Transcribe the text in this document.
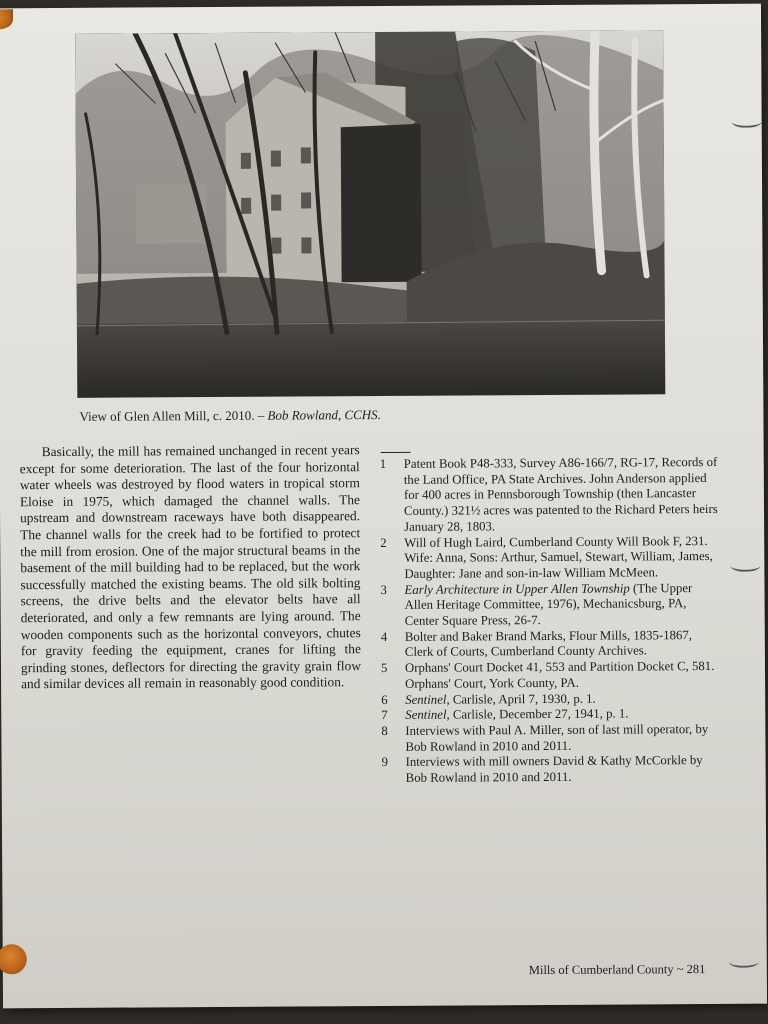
View of Glen Allen Mill, c. 2010. – Bob Rowland, CCHS.

Basically, the mill has remained unchanged in recent years except for some deterioration. The last of the four horizontal water wheels was destroyed by flood waters in tropical storm Eloise in 1975, which damaged the channel walls. The upstream and downstream raceways have both disappeared. The channel walls for the creek had to be fortified to protect the mill from erosion. One of the major structural beams in the basement of the mill building had to be replaced, but the work successfully matched the existing beams. The old silk bolting screens, the drive belts and the elevator belts have all deteriorated, and only a few remnants are lying around. The wooden components such as the horizontal conveyors, chutes for gravity feeding the equipment, cranes for lifting the grinding stones, deflectors for directing the gravity grain flow and similar devices all remain in reasonably good condition.

1	Patent Book P48-333, Survey A86-166/7, RG-17, Records of the Land Office, PA State Archives. John Anderson applied for 400 acres in Pennsborough Township (then Lancaster County.) 321½ acres was patented to the Richard Peters heirs January 28, 1803.
2	Will of Hugh Laird, Cumberland County Will Book F, 231. Wife: Anna, Sons: Arthur, Samuel, Stewart, William, James, Daughter: Jane and son-in-law William McMeen.
3	Early Architecture in Upper Allen Township (The Upper Allen Heritage Committee, 1976), Mechanicsburg, PA, Center Square Press, 26-7.
4	Bolter and Baker Brand Marks, Flour Mills, 1835-1867, Clerk of Courts, Cumberland County Archives.
5	Orphans' Court Docket 41, 553 and Partition Docket C, 581. Orphans' Court, York County, PA.
6	Sentinel, Carlisle, April 7, 1930, p. 1.
7	Sentinel, Carlisle, December 27, 1941, p. 1.
8	Interviews with Paul A. Miller, son of last mill operator, by Bob Rowland in 2010 and 2011.
9	Interviews with mill owners David & Kathy McCorkle by Bob Rowland in 2010 and 2011.
Mills of Cumberland County ~ 281
